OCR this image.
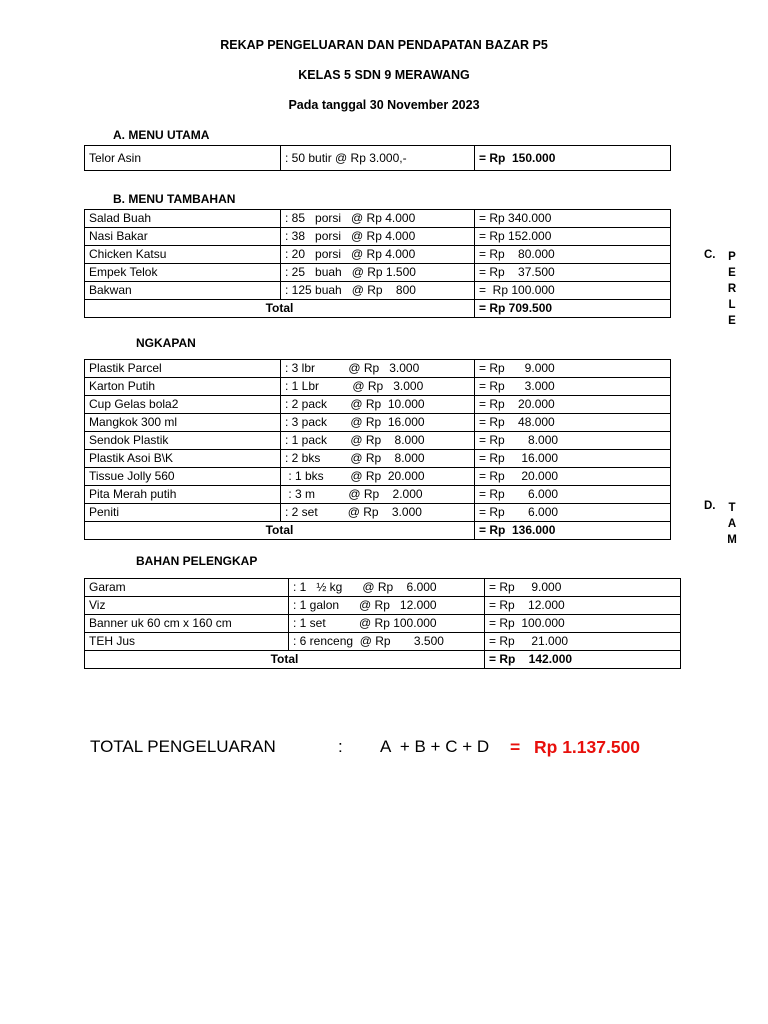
REKAP PENGELUARAN DAN PENDAPATAN BAZAR P5
KELAS 5 SDN 9 MERAWANG
Pada tanggal 30 November 2023
A. MENU UTAMA
Telor Asin	: 50 butir @ Rp 3.000,-	= Rp  150.000
B. MENU TAMBAHAN
Salad Buah	: 85   porsi   @ Rp 4.000	= Rp 340.000
Nasi Bakar	: 38   porsi   @ Rp 4.000	= Rp 152.000
Chicken Katsu	: 20   porsi   @ Rp 4.000	= Rp    80.000
Empek Telok	: 25   buah   @ Rp 1.500	= Rp    37.500
Bakwan	: 125 buah   @ Rp    800	=  Rp 100.000
Total		= Rp 709.500
NGKAPAN
Plastik Parcel	: 3 lbr          @ Rp   3.000	= Rp      9.000
Karton Putih	: 1 Lbr          @ Rp   3.000	= Rp      3.000
Cup Gelas bola2	: 2 pack       @ Rp  10.000	= Rp    20.000
Mangkok 300 ml	: 3 pack       @ Rp  16.000	= Rp    48.000
Sendok Plastik	: 1 pack       @ Rp    8.000	= Rp       8.000
Plastik Asoi B\K	: 2 bks         @ Rp    8.000	= Rp     16.000
Tissue Jolly 560	: 1 bks        @ Rp  20.000	= Rp     20.000
Pita Merah putih	: 3 m          @ Rp    2.000	= Rp       6.000
Peniti	: 2 set         @ Rp    3.000	= Rp       6.000
Total		= Rp  136.000
BAHAN PELENGKAP
Garam	: 1   ½ kg      @ Rp    6.000	= Rp     9.000
Viz	: 1 galon      @ Rp   12.000	= Rp    12.000
Banner uk 60 cm x 160 cm	: 1 set          @ Rp 100.000	= Rp  100.000
TEH Jus	: 6 renceng  @ Rp       3.500	= Rp     21.000
Total		= Rp    142.000
C. P
E
R
L
E
D. T
A
M
TOTAL PENGELUARAN	: A  + B + C + D = Rp 1.137.500
